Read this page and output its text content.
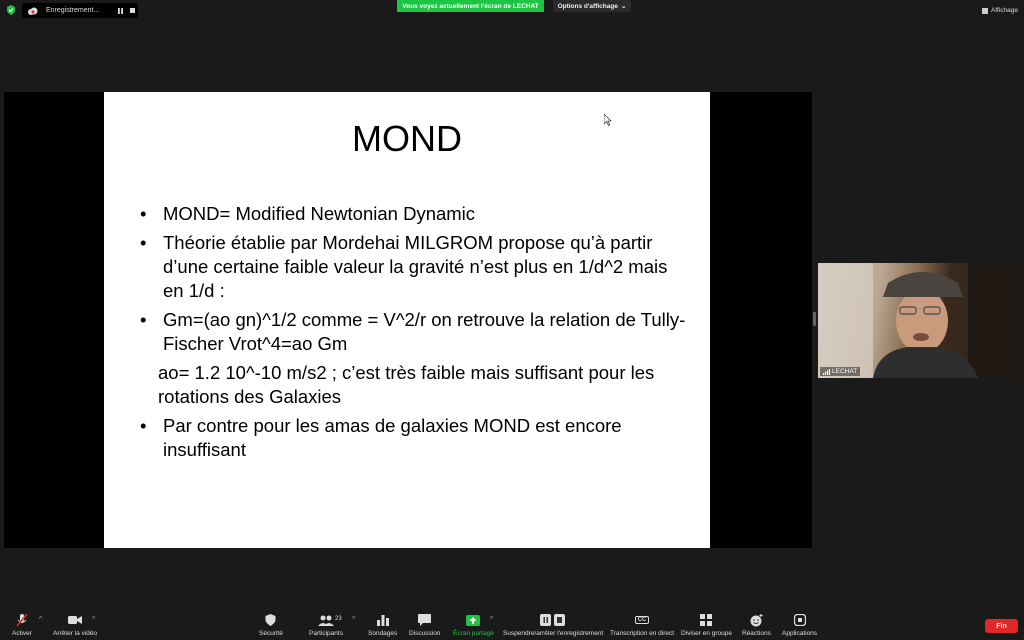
Enregistrement...
Vous voyez actuellement l'écran de LECHAT	Options d'affichage ⌄
Affichage
MOND
• MOND= Modified Newtonian Dynamic
• Théorie établie par Mordehai MILGROM propose qu’à partir d’une certaine faible valeur la gravité n’est plus en 1/d^2 mais en 1/d :
• Gm=(ao gn)^1/2 comme = V^2/r on retrouve la relation de Tully-Fischer Vrot^4=ao Gm
ao= 1.2 10^-10 m/s2 ; c’est très faible mais suffisant pour les rotations des Galaxies
• Par contre pour les amas de galaxies MOND est encore insuffisant
LECHAT
Activer
^
Arrêter la vidéo
^
Sécurité	Participants
23 ^
Sondages Discussion Écran partagé
^
Suspendre/arrêter l'enregistrement
CC
Transcription en direct Diviser en groupe Réactions Applications
Fin
